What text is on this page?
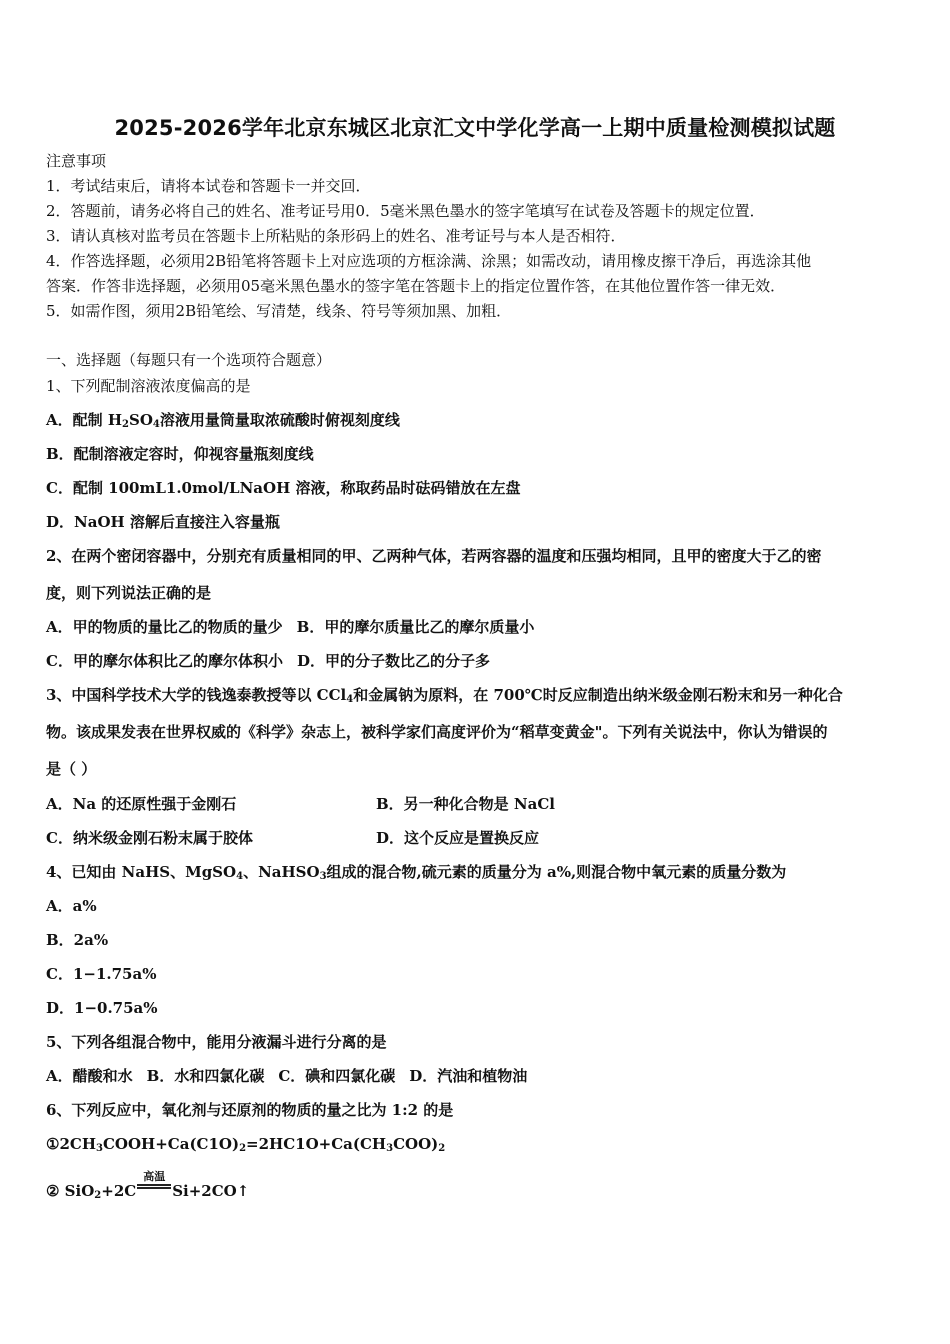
2025-2026学年北京东城区北京汇文中学化学高一上期中质量检测模拟试题
注意事项
1．考试结束后，请将本试卷和答题卡一并交回．
2．答题前，请务必将自己的姓名、准考证号用0．5毫米黑色墨水的签字笔填写在试卷及答题卡的规定位置．
3．请认真核对监考员在答题卡上所粘贴的条形码上的姓名、准考证号与本人是否相符．
4．作答选择题，必须用2B铅笔将答题卡上对应选项的方框涂满、涂黑；如需改动，请用橡皮擦干净后，再选涂其他
答案．作答非选择题，必须用05毫米黑色墨水的签字笔在答题卡上的指定位置作答，在其他位置作答一律无效．
5．如需作图，须用2B铅笔绘、写清楚，线条、符号等须加黑、加粗．
一、选择题（每题只有一个选项符合题意）
1、下列配制溶液浓度偏高的是
A．配制 $H_2SO_4$溶液用量筒量取浓硫酸时俯视刻度线
B．配制溶液定容时，仰视容量瓶刻度线
C．配制 100mL1.0mol/LNaOH 溶液，称取药品时砝码错放在左盘
D．NaOH 溶解后直接注入容量瓶
2、在两个密闭容器中，分别充有质量相同的甲、乙两种气体，若两容器的温度和压强均相同，且甲的密度大于乙的密
度，则下列说法正确的是
A．甲的物质的量比乙的物质的量少 B．甲的摩尔质量比乙的摩尔质量小
C．甲的摩尔体积比乙的摩尔体积小 D．甲的分子数比乙的分子多
3、中国科学技术大学的钱逸泰教授等以 CCl$_4$和金属钠为原料，在 700℃时反应制造出纳米级金刚石粉末和另一种化合
物。该成果发表在世界权威的《科学》杂志上，被科学家们高度评价为“稻草变黄金"。下列有关说法中，你认为错误的
是（ ）
A．Na 的还原性强于金刚石	B．另一种化合物是 NaCl
C．纳米级金刚石粉末属于胶体	D．这个反应是置换反应
4、已知由 NaHS、MgSO$_4$、NaHSO$_3$组成的混合物,硫元素的质量分为 a%,则混合物中氧元素的质量分数为
A．a%
B．2a%
C．1−1.75a%
D．1−0.75a%
5、下列各组混合物中，能用分液漏斗进行分离的是
A．醋酸和水 B．水和四氯化碳 C．碘和四氯化碳 D．汽油和植物油
6、下列反应中，氧化剂与还原剂的物质的量之比为 1:2 的是
$①2CH_3COOH+Ca(C1O)_2=2HC1O+Ca(CH_3COO)_2$
② SiO$_2$+2C
高温
Si+2CO↑
